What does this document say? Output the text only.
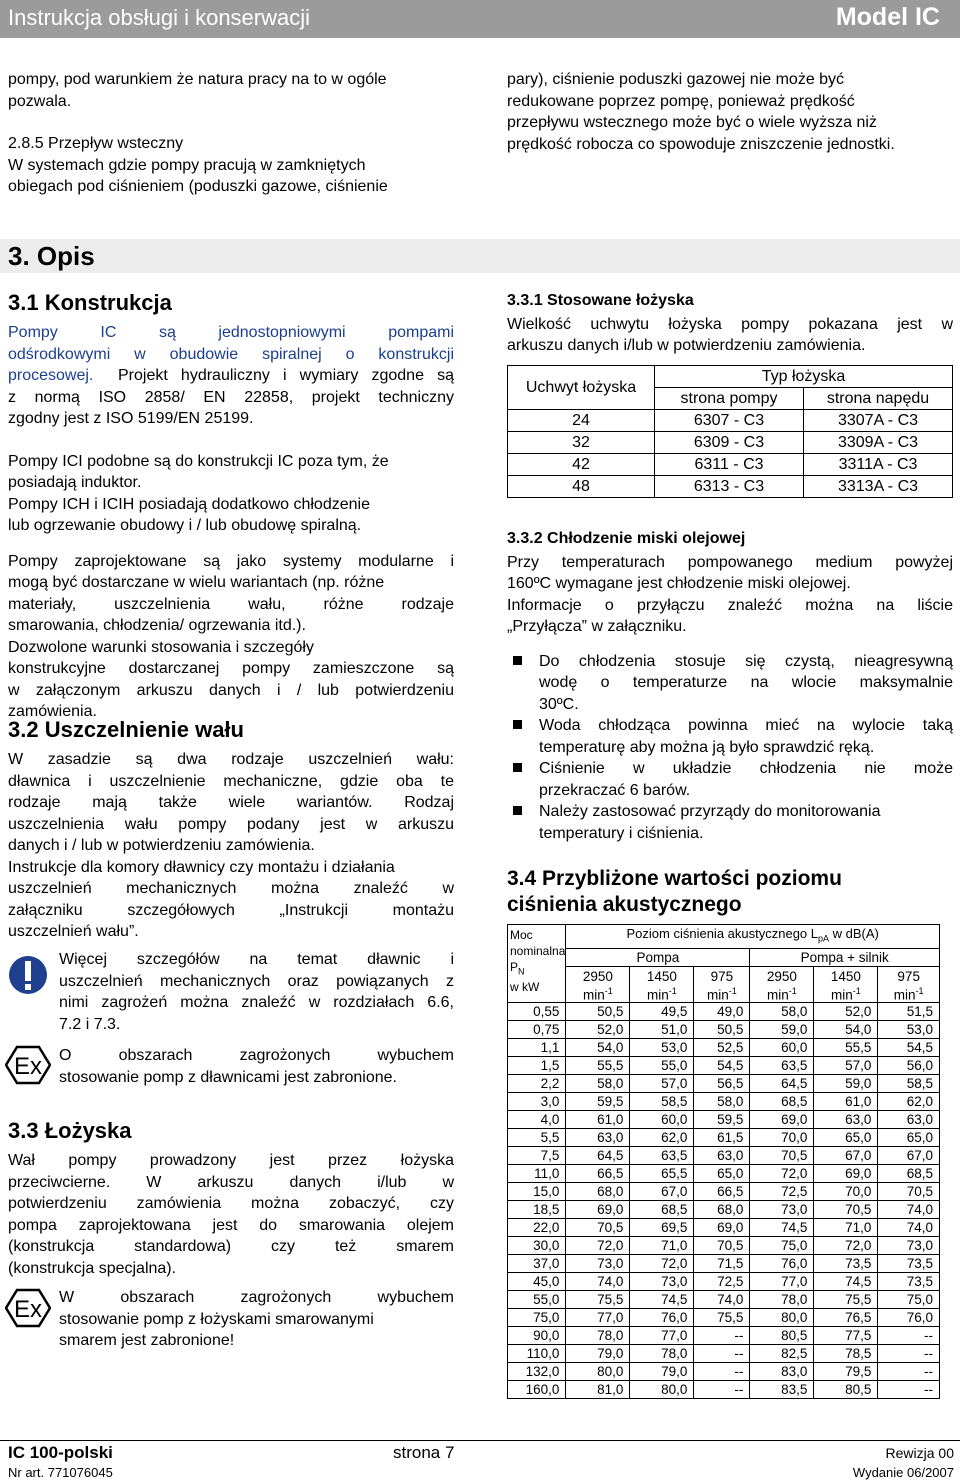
Instrukcja obsługi i konserwacji	Model IC
pompy, pod warunkiem że natura pracy na to w ogóle
pozwala.
2.8.5 Przepływ wsteczny
W systemach gdzie pompy pracują w zamkniętych
obiegach pod ciśnieniem (poduszki gazowe, ciśnienie
pary), ciśnienie poduszki gazowej nie może być
redukowane poprzez pompę, ponieważ prędkość
przepływu wstecznego może być o wiele wyższa niż
prędkość robocza co spowoduje zniszczenie jednostki.
3. Opis
3.1 Konstrukcja
Pompy IC są jednostopniowymi pompami
odśrodkowymi w obudowie spiralnej o konstrukcji
procesowej.	Projekt hydrauliczny i wymiary zgodne są
z normą ISO 2858/ EN 22858, projekt techniczny
zgodny jest z ISO 5199/EN 25199.
Pompy ICI podobne są do konstrukcji IC poza tym, że
posiadają induktor.
Pompy ICH i ICIH posiadają dodatkowo chłodzenie
lub ogrzewanie obudowy i / lub obudowę spiralną.
Pompy zaprojektowane są jako systemy modularne i
mogą być dostarczane w wielu wariantach (np. różne
materiały, uszczelnienia wału, różne rodzaje
smarowania, chłodzenia/ ogrzewania itd.).
Dozwolone warunki stosowania i szczegóły
konstrukcyjne dostarczanej pompy zamieszczone są
w załączonym arkuszu danych i / lub potwierdzeniu
zamówienia.
3.2 Uszczelnienie wału
W zasadzie są dwa rodzaje uszczelnień wału:
dławnica i uszczelnienie mechaniczne, gdzie oba te
rodzaje mają także wiele wariantów. Rodzaj
uszczelnienia wału pompy podany jest w arkuszu
danych i / lub w potwierdzeniu zamówienia.
Instrukcje dla komory dławnicy czy montażu i działania
uszczelnień mechanicznych można znaleźć w
załączniku szczegółowych „Instrukcji montażu
uszczelnień wału”.
Więcej szczegółów na temat dławnic i
uszczelnień mechanicznych oraz powiązanych z
nimi zagrożeń można znaleźć w rozdziałach 6.6,
7.2 i 7.3.
Ex O obszarach zagrożonych wybuchem
stosowanie pomp z dławnicami jest zabronione.
3.3 Łożyska
Wał pompy prowadzony jest przez łożyska
przeciwcierne. W arkuszu danych i/lub w
potwierdzeniu zamówienia można zobaczyć, czy
pompa zaprojektowana jest do smarowania olejem
(konstrukcja standardowa) czy też smarem
(konstrukcja specjalna).
Ex W obszarach zagrożonych wybuchem
stosowanie pomp z łożyskami smarowanymi
smarem jest zabronione!
3.3.1 Stosowane łożyska
Wielkość uchwytu łożyska pompy pokazana jest w
arkuszu danych i/lub w potwierdzeniu zamówienia.
Uchwyt łożyska	Typ łożyska	
	strona pompy	strona napędu
24	6307 - C3	3307A - C3
32	6309 - C3	3309A - C3
42	6311 - C3	3311A - C3
48	6313 - C3	3313A - C3
3.3.2 Chłodzenie miski olejowej
Przy temperaturach pompowanego medium powyżej
160ºC wymagane jest chłodzenie miski olejowej.
Informacje o przyłączu znaleźć można na liście
„Przyłącza” w załączniku.
Do chłodzenia stosuje się czystą, nieagresywną
wodę o temperaturze na wlocie maksymalnie
30ºC.
Woda chłodząca powinna mieć na wylocie taką
temperaturę aby można ją było sprawdzić ręką.
Ciśnienie w układzie chłodzenia nie może
przekraczać 6 barów.
Należy zastosować przyrządy do monitorowania
temperatury i ciśnienia.
3.4 Przybliżone wartości poziomu
ciśnienia akustycznego
Moc
nominalna
$P_N$
w kW	Poziom ciśnienia akustycznego $L_{pA}$ w dB(A)					
	Pompa			Pompa + silnik		

	2950
$\min^{-1}$	1450
$\min^{-1}$	975
$\min^{-1}$	2950
$\min^{-1}$	1450
$\min^{-1}$	975
$\min^{-1}$

0,55	50,5	49,5	49,0	58,0	52,0	51,5
0,75	52,0	51,0	50,5	59,0	54,0	53,0
1,1	54,0	53,0	52,5	60,0	55,5	54,5
1,5	55,5	55,0	54,5	63,5	57,0	56,0
2,2	58,0	57,0	56,5	64,5	59,0	58,5
3,0	59,5	58,5	58,0	68,5	61,0	62,0
4,0	61,0	60,0	59,5	69,0	63,0	63,0
5,5	63,0	62,0	61,5	70,0	65,0	65,0
7,5	64,5	63,5	63,0	70,5	67,0	67,0
11,0	66,5	65,5	65,0	72,0	69,0	68,5
15,0	68,0	67,0	66,5	72,5	70,0	70,5
18,5	69,0	68,5	68,0	73,0	70,5	74,0
22,0	70,5	69,5	69,0	74,5	71,0	74,0
30,0	72,0	71,0	70,5	75,0	72,0	73,0
37,0	73,0	72,0	71,5	76,0	73,5	73,5
45,0	74,0	73,0	72,5	77,0	74,5	73,5
55,0	75,5	74,5	74,0	78,0	75,5	75,0
75,0	77,0	76,0	75,5	80,0	76,5	76,0
90,0	78,0	77,0	--	80,5	77,5	--
110,0	79,0	78,0	--	82,5	78,5	--
132,0	80,0	79,0	--	83,0	79,5	--
160,0	81,0	80,0	--	83,5	80,5	--
IC 100-polski	strona 7	Rewizja 00
Nr art. 771076045	Wydanie 06/2007
